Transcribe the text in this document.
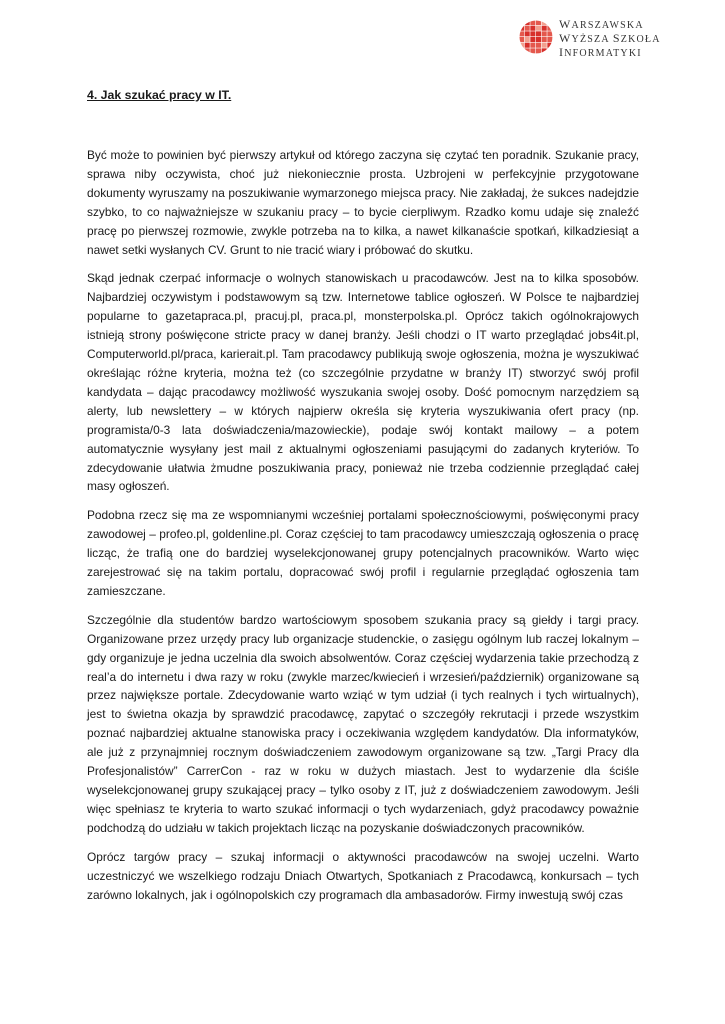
WARSZAWSKA
WYŻSZA SZKOŁA
INFORMATYKI
4. Jak szukać pracy w IT.

Być może to powinien być pierwszy artykuł od którego zaczyna się czytać ten poradnik. Szukanie pracy, sprawa niby oczywista, choć już niekoniecznie prosta. Uzbrojeni w perfekcyjnie przygotowane dokumenty wyruszamy na poszukiwanie wymarzonego miejsca pracy. Nie zakładaj, że sukces nadejdzie szybko, to co najważniejsze w szukaniu pracy – to bycie cierpliwym. Rzadko komu udaje się znaleźć pracę po pierwszej rozmowie, zwykle potrzeba na to kilka, a nawet kilkanaście spotkań, kilkadziesiąt a nawet setki wysłanych CV. Grunt to nie tracić wiary i próbować do skutku.

Skąd jednak czerpać informacje o wolnych stanowiskach u pracodawców. Jest na to kilka sposobów. Najbardziej oczywistym i podstawowym są tzw. Internetowe tablice ogłoszeń. W Polsce te najbardziej popularne to gazetapraca.pl, pracuj.pl, praca.pl, monsterpolska.pl. Oprócz takich ogólnokrajowych istnieją strony poświęcone stricte pracy w danej branży. Jeśli chodzi o IT warto przeglądać jobs4it.pl, Computerworld.pl/praca, karierait.pl. Tam pracodawcy publikują swoje ogłoszenia, można je wyszukiwać określając różne kryteria, można też (co szczególnie przydatne w branży IT) stworzyć swój profil kandydata – dając pracodawcy możliwość wyszukania swojej osoby. Dość pomocnym narzędziem są alerty, lub newslettery – w których najpierw określa się kryteria wyszukiwania ofert pracy (np. programista/0-3 lata doświadczenia/mazowieckie), podaje swój kontakt mailowy – a potem automatycznie wysyłany jest mail z aktualnymi ogłoszeniami pasującymi do zadanych kryteriów. To zdecydowanie ułatwia żmudne poszukiwania pracy, ponieważ nie trzeba codziennie przeglądać całej masy ogłoszeń.

Podobna rzecz się ma ze wspomnianymi wcześniej portalami społecznościowymi, poświęconymi pracy zawodowej – profeo.pl, goldenline.pl. Coraz częściej to tam pracodawcy umieszczają ogłoszenia o pracę licząc, że trafią one do bardziej wyselekcjonowanej grupy potencjalnych pracowników. Warto więc zarejestrować się na takim portalu, dopracować swój profil i regularnie przeglądać ogłoszenia tam zamieszczane.

Szczególnie dla studentów bardzo wartościowym sposobem szukania pracy są giełdy i targi pracy. Organizowane przez urzędy pracy lub organizacje studenckie, o zasięgu ogólnym lub raczej lokalnym – gdy organizuje je jedna uczelnia dla swoich absolwentów. Coraz częściej wydarzenia takie przechodzą z real’a do internetu i dwa razy w roku (zwykle marzec/kwiecień i wrzesień/październik) organizowane są przez największe portale. Zdecydowanie warto wziąć w tym udział (i tych realnych i tych wirtualnych), jest to świetna okazja by sprawdzić pracodawcę, zapytać o szczegóły rekrutacji i przede wszystkim poznać najbardziej aktualne stanowiska pracy i oczekiwania względem kandydatów. Dla informatyków, ale już z przynajmniej rocznym doświadczeniem zawodowym organizowane są tzw. „Targi Pracy dla Profesjonalistów” CarrerCon - raz w roku w dużych miastach. Jest to wydarzenie dla ściśle wyselekcjonowanej grupy szukającej pracy – tylko osoby z IT, już z doświadczeniem zawodowym. Jeśli więc spełniasz te kryteria to warto szukać informacji o tych wydarzeniach, gdyż pracodawcy poważnie podchodzą do udziału w takich projektach licząc na pozyskanie doświadczonych pracowników.

Oprócz targów pracy – szukaj informacji o aktywności pracodawców na swojej uczelni. Warto uczestniczyć we wszelkiego rodzaju Dniach Otwartych, Spotkaniach z Pracodawcą, konkursach – tych zarówno lokalnych, jak i ogólnopolskich czy programach dla ambasadorów. Firmy inwestują swój czas
